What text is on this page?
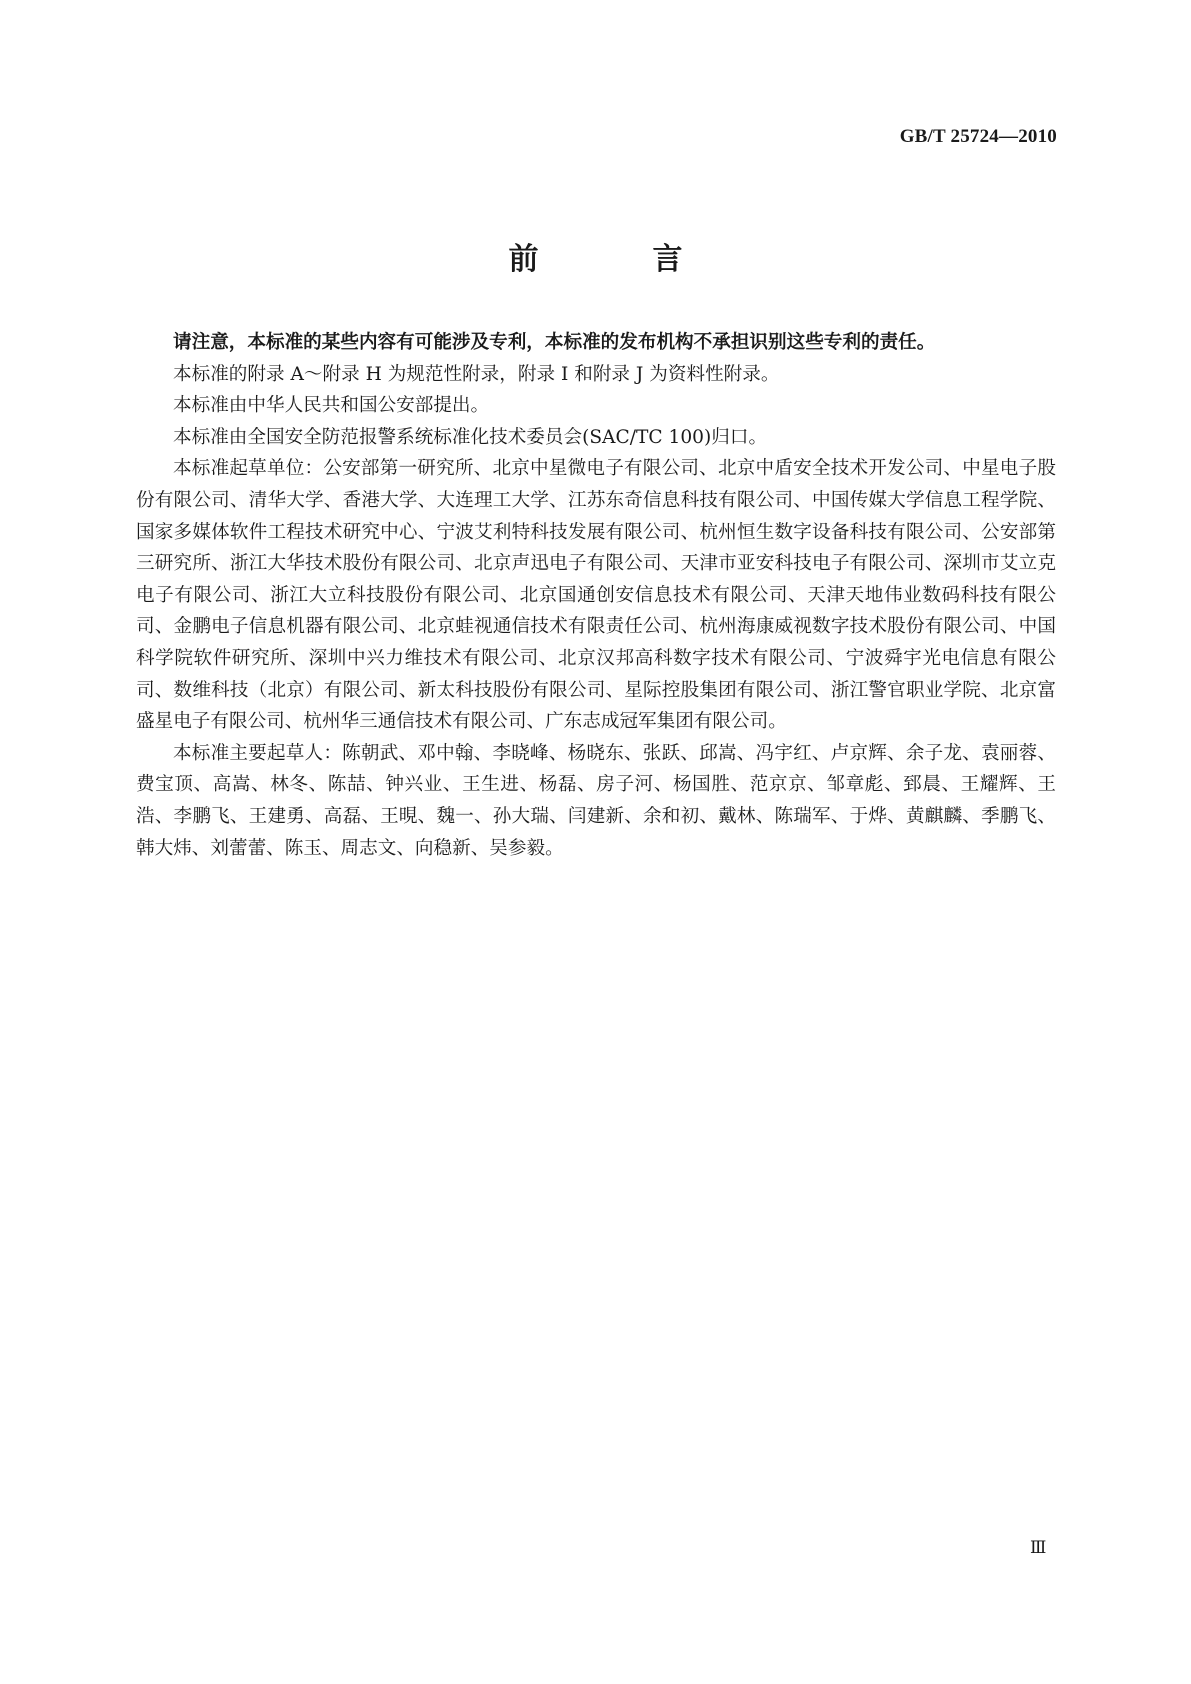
GB/T 25724—2010
前　言

请注意，本标准的某些内容有可能涉及专利，本标准的发布机构不承担识别这些专利的责任。

本标准的附录 A～附录 H 为规范性附录，附录 I 和附录 J 为资料性附录。

本标准由中华人民共和国公安部提出。

本标准由全国安全防范报警系统标准化技术委员会(SAC/TC 100)归口。

本标准起草单位：公安部第一研究所、北京中星微电子有限公司、北京中盾安全技术开发公司、中星电子股份有限公司、清华大学、香港大学、大连理工大学、江苏东奇信息科技有限公司、中国传媒大学信息工程学院、国家多媒体软件工程技术研究中心、宁波艾利特科技发展有限公司、杭州恒生数字设备科技有限公司、公安部第三研究所、浙江大华技术股份有限公司、北京声迅电子有限公司、天津市亚安科技电子有限公司、深圳市艾立克电子有限公司、浙江大立科技股份有限公司、北京国通创安信息技术有限公司、天津天地伟业数码科技有限公司、金鹏电子信息机器有限公司、北京蛙视通信技术有限责任公司、杭州海康威视数字技术股份有限公司、中国科学院软件研究所、深圳中兴力维技术有限公司、北京汉邦高科数字技术有限公司、宁波舜宇光电信息有限公司、数维科技（北京）有限公司、新太科技股份有限公司、星际控股集团有限公司、浙江警官职业学院、北京富盛星电子有限公司、杭州华三通信技术有限公司、广东志成冠军集团有限公司。

本标准主要起草人：陈朝武、邓中翰、李晓峰、杨晓东、张跃、邱嵩、冯宇红、卢京辉、余子龙、袁丽蓉、费宝顶、高嵩、林冬、陈喆、钟兴业、王生进、杨磊、房子河、杨国胜、范京京、邹章彪、郅晨、王耀辉、王浩、李鹏飞、王建勇、高磊、王晛、魏一、孙大瑞、闫建新、余和初、戴林、陈瑞军、于烨、黄麒麟、季鹏飞、韩大炜、刘蕾蕾、陈玉、周志文、向稳新、吴参毅。

Ⅲ
